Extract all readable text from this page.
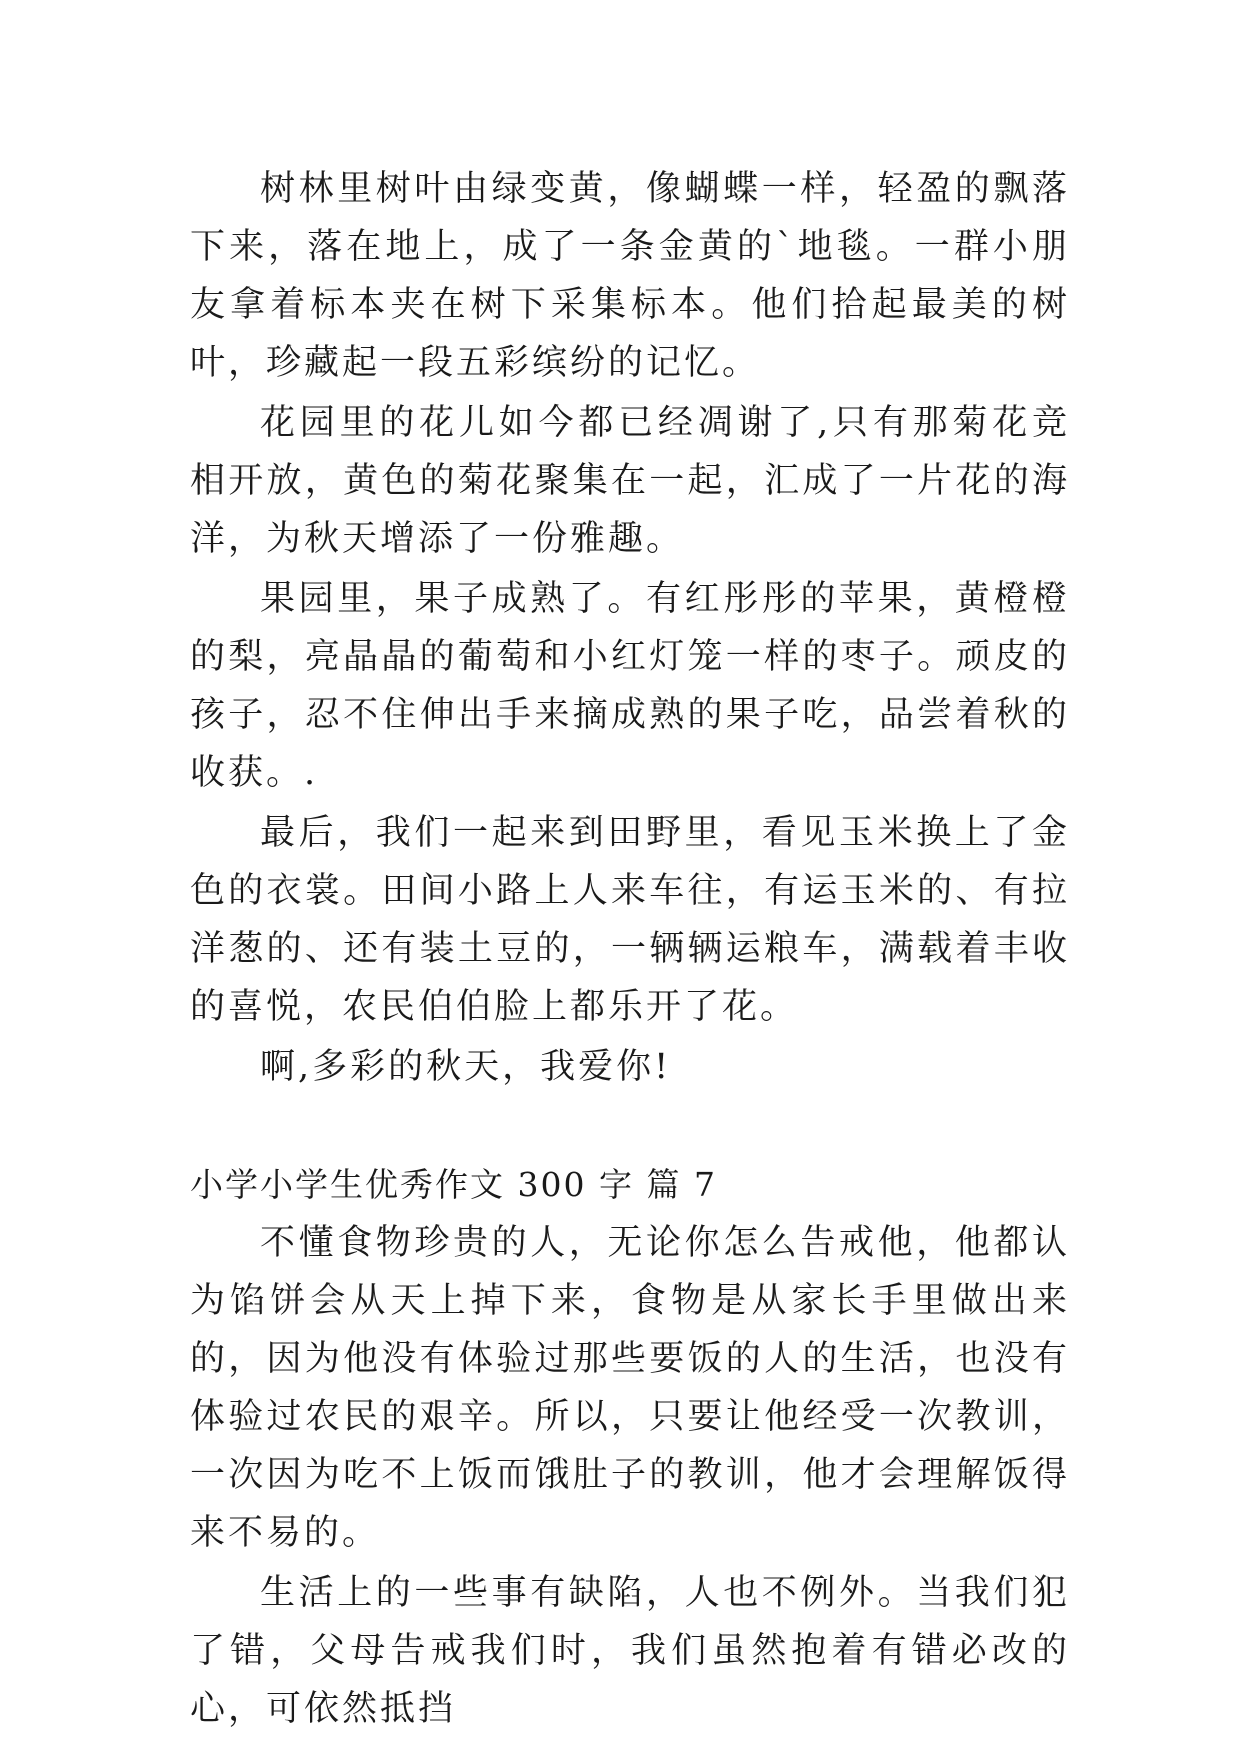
树林里树叶由绿变黄，像蝴蝶一样，轻盈的飘落下来，落在地上，成了一条金黄的`地毯。一群小朋友拿着标本夹在树下采集标本。他们拾起最美的树叶，珍藏起一段五彩缤纷的记忆。

花园里的花儿如今都已经凋谢了,只有那菊花竞相开放，黄色的菊花聚集在一起，汇成了一片花的海洋，为秋天增添了一份雅趣。

果园里，果子成熟了。有红彤彤的苹果，黄橙橙的梨，亮晶晶的葡萄和小红灯笼一样的枣子。顽皮的孩子，忍不住伸出手来摘成熟的果子吃，品尝着秋的收获。.

最后，我们一起来到田野里，看见玉米换上了金色的衣裳。田间小路上人来车往，有运玉米的、有拉洋葱的、还有装土豆的，一辆辆运粮车，满载着丰收的喜悦，农民伯伯脸上都乐开了花。

啊,多彩的秋天，我爱你!

小学小学生优秀作文 300 字 篇 7

不懂食物珍贵的人，无论你怎么告戒他，他都认为馅饼会从天上掉下来，食物是从家长手里做出来的，因为他没有体验过那些要饭的人的生活，也没有体验过农民的艰辛。所以，只要让他经受一次教训，一次因为吃不上饭而饿肚子的教训，他才会理解饭得来不易的。

生活上的一些事有缺陷，人也不例外。当我们犯了错，父母告戒我们时，我们虽然抱着有错必改的心，可依然抵挡
